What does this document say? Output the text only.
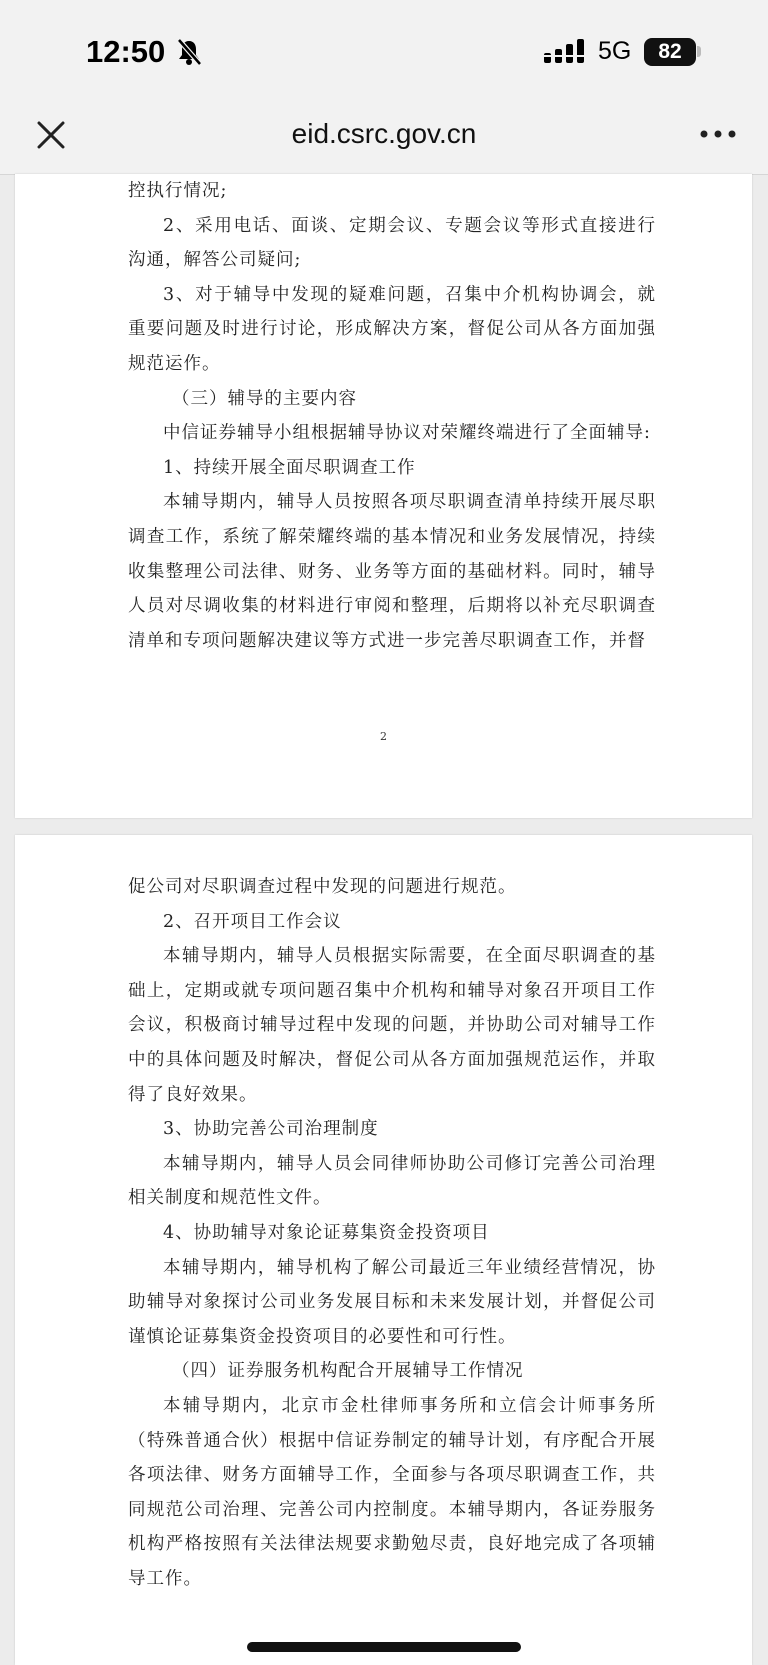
12:50	5G	82
eid.csrc.gov.cn

控执行情况;

2、采用电话、面谈、定期会议、专题会议等形式直接进行沟通，解答公司疑问;

3、对于辅导中发现的疑难问题，召集中介机构协调会，就重要问题及时进行讨论，形成解决方案，督促公司从各方面加强规范运作。

（三）辅导的主要内容

中信证券辅导小组根据辅导协议对荣耀终端进行了全面辅导:

1、持续开展全面尽职调查工作

本辅导期内，辅导人员按照各项尽职调查清单持续开展尽职调查工作，系统了解荣耀终端的基本情况和业务发展情况，持续收集整理公司法律、财务、业务等方面的基础材料。同时，辅导人员对尽调收集的材料进行审阅和整理，后期将以补充尽职调查清单和专项问题解决建议等方式进一步完善尽职调查工作，并督

2

促公司对尽职调查过程中发现的问题进行规范。

2、召开项目工作会议

本辅导期内，辅导人员根据实际需要，在全面尽职调查的基础上，定期或就专项问题召集中介机构和辅导对象召开项目工作会议，积极商讨辅导过程中发现的问题，并协助公司对辅导工作中的具体问题及时解决，督促公司从各方面加强规范运作，并取得了良好效果。

3、协助完善公司治理制度

本辅导期内，辅导人员会同律师协助公司修订完善公司治理相关制度和规范性文件。

4、协助辅导对象论证募集资金投资项目

本辅导期内，辅导机构了解公司最近三年业绩经营情况，协助辅导对象探讨公司业务发展目标和未来发展计划，并督促公司谨慎论证募集资金投资项目的必要性和可行性。

（四）证券服务机构配合开展辅导工作情况

本辅导期内，北京市金杜律师事务所和立信会计师事务所（特殊普通合伙）根据中信证券制定的辅导计划，有序配合开展各项法律、财务方面辅导工作，全面参与各项尽职调查工作，共同规范公司治理、完善公司内控制度。本辅导期内，各证券服务机构严格按照有关法律法规要求勤勉尽责，良好地完成了各项辅导工作。
